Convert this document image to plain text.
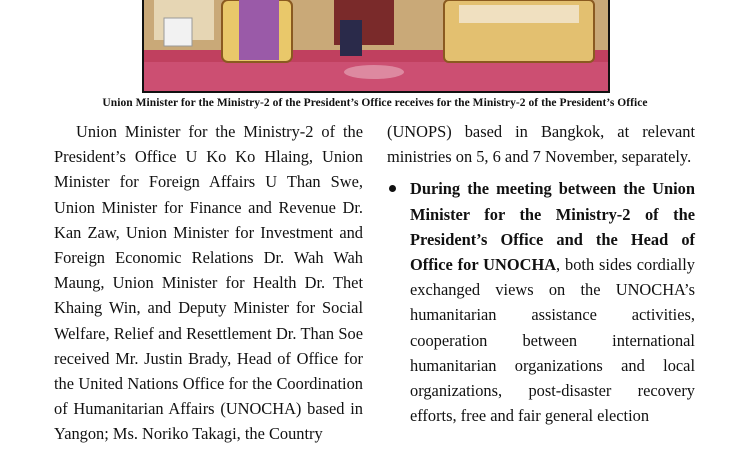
Union Minister for the Ministry-2 of the President’s Office receives for the Ministry-2 of the President’s Office

Union Minister for the Ministry-2 of the President’s Office U Ko Ko Hlaing, Union Minister for Foreign Affairs U Than Swe, Union Minister for Finance and Revenue Dr. Kan Zaw, Union Minister for Investment and Foreign Economic Relations Dr. Wah Wah Maung, Union Minister for Health Dr. Thet Khaing Win, and Deputy Minister for Social Welfare, Relief and Resettlement Dr. Than Soe received Mr. Justin Brady, Head of Office for the United Nations Office for the Coordination of Humanitarian Affairs (UNOCHA) based in Yangon; Ms. Noriko Takagi, the Country

(UNOPS) based in Bangkok, at relevant ministries on 5, 6 and 7 November, separately.

During the meeting between the Union Minister for the Ministry-2 of the President’s Office and the Head of Office for UNOCHA, both sides cordially exchanged views on the UNOCHA’s humanitarian assistance activities, cooperation between international humanitarian organizations and local organizations, post-disaster recovery efforts, free and fair general election
